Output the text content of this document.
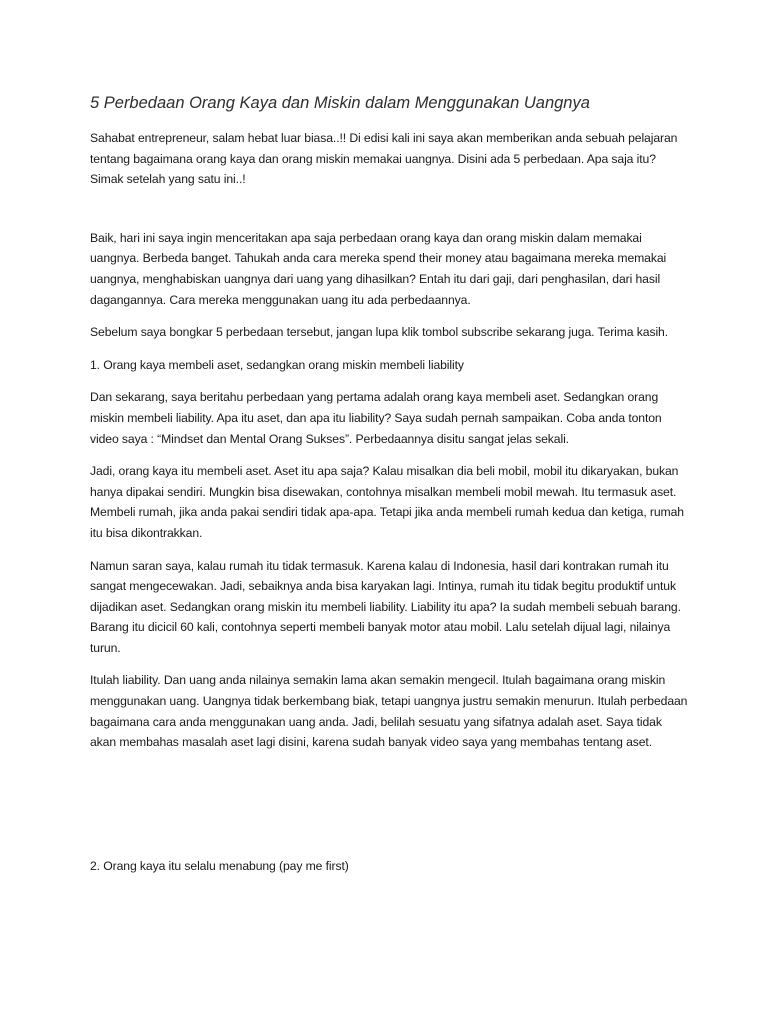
5 Perbedaan Orang Kaya dan Miskin dalam Menggunakan Uangnya

Sahabat entrepreneur, salam hebat luar biasa..!! Di edisi kali ini saya akan memberikan anda sebuah pelajaran tentang bagaimana orang kaya dan orang miskin memakai uangnya. Disini ada 5 perbedaan. Apa saja itu? Simak setelah yang satu ini..!

Baik, hari ini saya ingin menceritakan apa saja perbedaan orang kaya dan orang miskin dalam memakai uangnya. Berbeda banget. Tahukah anda cara mereka spend their money atau bagaimana mereka memakai uangnya, menghabiskan uangnya dari uang yang dihasilkan? Entah itu dari gaji, dari penghasilan, dari hasil dagangannya. Cara mereka menggunakan uang itu ada perbedaannya.

Sebelum saya bongkar 5 perbedaan tersebut, jangan lupa klik tombol subscribe sekarang juga. Terima kasih.

1. Orang kaya membeli aset, sedangkan orang miskin membeli liability

Dan sekarang, saya beritahu perbedaan yang pertama adalah orang kaya membeli aset. Sedangkan orang miskin membeli liability. Apa itu aset, dan apa itu liability? Saya sudah pernah sampaikan. Coba anda tonton video saya : “Mindset dan Mental Orang Sukses”. Perbedaannya disitu sangat jelas sekali.

Jadi, orang kaya itu membeli aset. Aset itu apa saja? Kalau misalkan dia beli mobil, mobil itu dikaryakan, bukan hanya dipakai sendiri. Mungkin bisa disewakan, contohnya misalkan membeli mobil mewah. Itu termasuk aset. Membeli rumah, jika anda pakai sendiri tidak apa-apa. Tetapi jika anda membeli rumah kedua dan ketiga, rumah itu bisa dikontrakkan.

Namun saran saya, kalau rumah itu tidak termasuk. Karena kalau di Indonesia, hasil dari kontrakan rumah itu sangat mengecewakan. Jadi, sebaiknya anda bisa karyakan lagi. Intinya, rumah itu tidak begitu produktif untuk dijadikan aset. Sedangkan orang miskin itu membeli liability. Liability itu apa? Ia sudah membeli sebuah barang. Barang itu dicicil 60 kali, contohnya seperti membeli banyak motor atau mobil. Lalu setelah dijual lagi, nilainya turun.

Itulah liability. Dan uang anda nilainya semakin lama akan semakin mengecil. Itulah bagaimana orang miskin menggunakan uang. Uangnya tidak berkembang biak, tetapi uangnya justru semakin menurun. Itulah perbedaan bagaimana cara anda menggunakan uang anda. Jadi, belilah sesuatu yang sifatnya adalah aset. Saya tidak akan membahas masalah aset lagi disini, karena sudah banyak video saya yang membahas tentang aset.

2. Orang kaya itu selalu menabung (pay me first)
